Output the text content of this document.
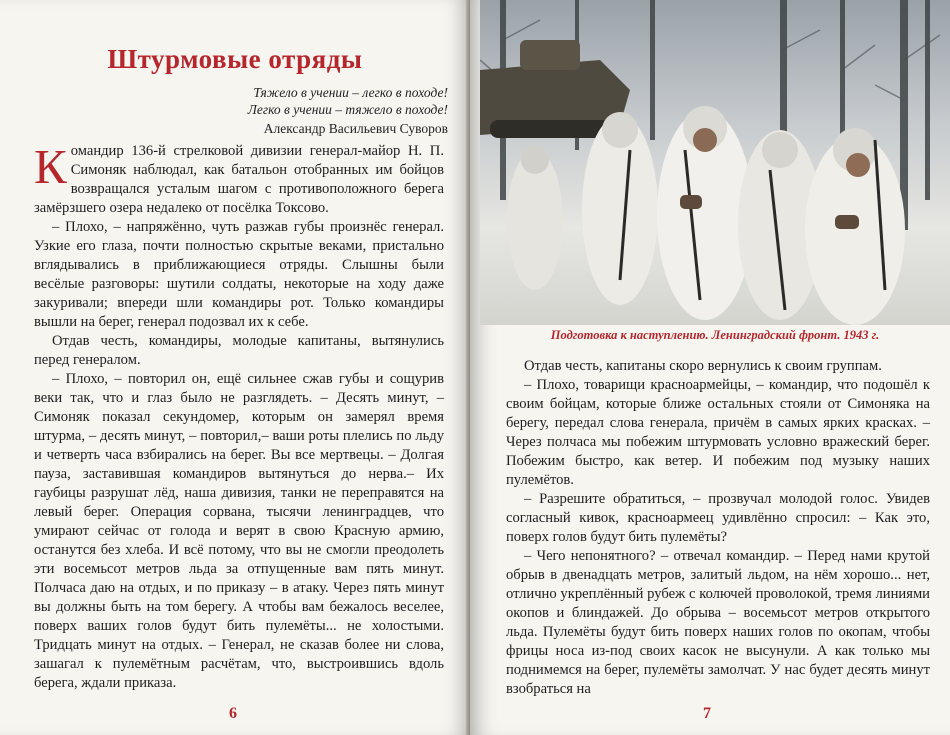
Штурмовые отряды
Тяжело в учении – легко в походе!
Легко в учении – тяжело в походе!
Александр Васильевич Суворов

Командир 136-й стрелковой дивизии генерал-майор Н. П. Симоняк наблюдал, как батальон отобранных им бойцов возвращался усталым шагом с противоположного берега замёрзшего озера недалеко от посёлка Токсово.

– Плохо, – напряжённо, чуть разжав губы произнёс генерал. Узкие его глаза, почти полностью скрытые веками, пристально вглядывались в приближающиеся отряды. Слышны были весёлые разговоры: шутили солдаты, некоторые на ходу даже закуривали; впереди шли командиры рот. Только командиры вышли на берег, генерал подозвал их к себе.

Отдав честь, командиры, молодые капитаны, вытянулись перед генералом.

– Плохо, – повторил он, ещё сильнее сжав губы и сощурив веки так, что и глаз было не разглядеть. – Десять минут, – Симоняк показал секундомер, которым он замерял время штурма, – десять минут, – повторил,– ваши роты плелись по льду и четверть часа взбирались на берег. Вы все мертвецы. – Долгая пауза, заставившая командиров вытянуться до нерва.– Их гаубицы разрушат лёд, наша дивизия, танки не переправятся на левый берег. Операция сорвана, тысячи ленинградцев, что умирают сейчас от голода и верят в свою Красную армию, останутся без хлеба. И всё потому, что вы не смогли преодолеть эти восемьсот метров льда за отпущенные вам пять минут. Полчаса даю на отдых, и по приказу – в атаку. Через пять минут вы должны быть на том берегу. А чтобы вам бежалось веселее, поверх ваших голов будут бить пулемёты... не холостыми. Тридцать минут на отдых. – Генерал, не сказав более ни слова, зашагал к пулемётным расчётам, что, выстроившись вдоль берега, ждали приказа.

6
Подготовка к наступлению. Ленинградский фронт. 1943 г.

Отдав честь, капитаны скоро вернулись к своим группам.

– Плохо, товарищи красноармейцы, – командир, что подошёл к своим бойцам, которые ближе остальных стояли от Симоняка на берегу, передал слова генерала, причём в самых ярких красках. – Через полчаса мы побежим штурмовать условно вражеский берег. Побежим быстро, как ветер. И побежим под музыку наших пулемётов.

– Разрешите обратиться, – прозвучал молодой голос. Увидев согласный кивок, красноармеец удивлённо спросил: – Как это, поверх голов будут бить пулемёты?

– Чего непонятного? – отвечал командир. – Перед нами крутой обрыв в двенадцать метров, залитый льдом, на нём хорошо... нет, отлично укреплённый рубеж с колючей проволокой, тремя линиями окопов и блиндажей. До обрыва – восемьсот метров открытого льда. Пулемёты будут бить поверх наших голов по окопам, чтобы фрицы носа из-под своих касок не высунули. А как только мы поднимемся на берег, пулемёты замолчат. У нас будет десять минут взобраться на

7
